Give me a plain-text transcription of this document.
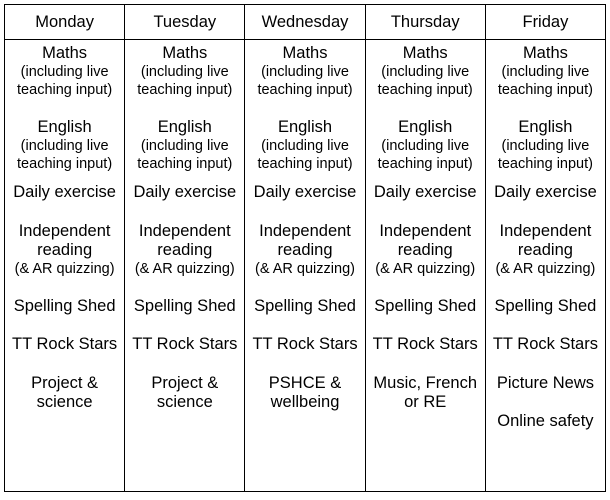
Monday
Maths
(including live
teaching input)
English
(including live
teaching input)
Daily exercise
Independent
reading
(& AR quizzing)
Spelling Shed
TT Rock Stars
Project &
science
Tuesday
Maths
(including live
teaching input)
English
(including live
teaching input)
Daily exercise
Independent
reading
(& AR quizzing)
Spelling Shed
TT Rock Stars
Project &
science
Wednesday
Maths
(including live
teaching input)
English
(including live
teaching input)
Daily exercise
Independent
reading
(& AR quizzing)
Spelling Shed
TT Rock Stars
PSHCE &
wellbeing
Thursday
Maths
(including live
teaching input)
English
(including live
teaching input)
Daily exercise
Independent
reading
(& AR quizzing)
Spelling Shed
TT Rock Stars
Music, French
or RE
Friday
Maths
(including live
teaching input)
English
(including live
teaching input)
Daily exercise
Independent
reading
(& AR quizzing)
Spelling Shed
TT Rock Stars
Picture News
Online safety
